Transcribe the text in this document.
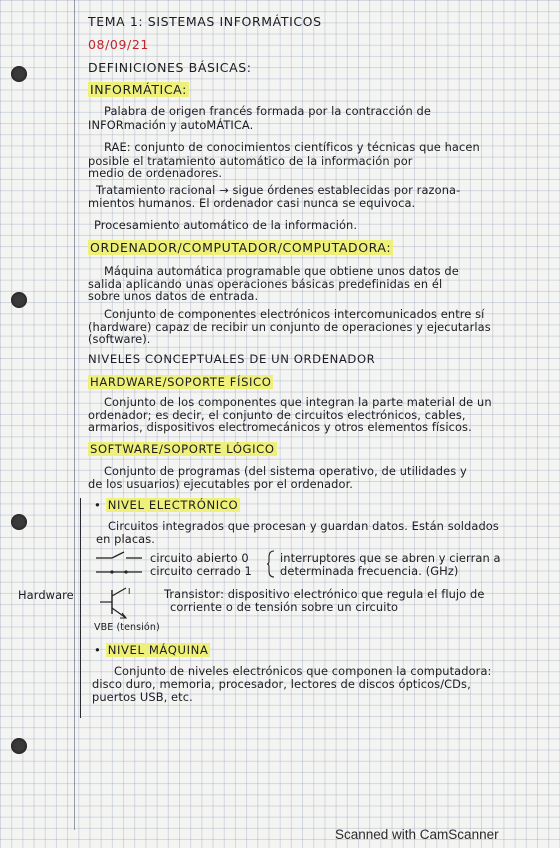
TEMA 1: SISTEMAS INFORMÁTICOS

08/09/21

DEFINICIONES BÁSICAS:

INFORMÁTICA:

Palabra de origen francés formada por la contracción de

INFORmación y autoMÁTICA.

RAE: conjunto de conocimientos científicos y técnicas que hacen

posible el tratamiento automático de la información por

medio de ordenadores.

Tratamiento racional → sigue órdenes establecidas por razona-

mientos humanos. El ordenador casi nunca se equivoca.

Procesamiento automático de la información.

ORDENADOR/COMPUTADOR/COMPUTADORA:

Máquina automática programable que obtiene unos datos de

salida aplicando unas operaciones básicas predefinidas en él

sobre unos datos de entrada.

Conjunto de componentes electrónicos intercomunicados entre sí

(hardware) capaz de recibir un conjunto de operaciones y ejecutarlas

(software).

NIVELES CONCEPTUALES DE UN ORDENADOR

HARDWARE/SOPORTE FÍSICO

Conjunto de los componentes que integran la parte material de un

ordenador; es decir, el conjunto de circuitos electrónicos, cables,

armarios, dispositivos electromecánicos y otros elementos físicos.

SOFTWARE/SOPORTE LÓGICO

Conjunto de programas (del sistema operativo, de utilidades y

de los usuarios) ejecutables por el ordenador.

Hardware

• NIVEL ELECTRÓNICO

Circuitos integrados que procesan y guardan datos. Están soldados

en placas.

circuito abierto 0

circuito cerrado 1

interruptores que se abren y cierran a

determinada frecuencia. (GHz)

I	Transistor: dispositivo electrónico que regula el flujo de

corriente o de tensión sobre un circuito

VBE (tensión)

• NIVEL MÁQUINA

Conjunto de niveles electrónicos que componen la computadora:

disco duro, memoria, procesador, lectores de discos ópticos/CDs,

puertos USB, etc.

Scanned with CamScanner
